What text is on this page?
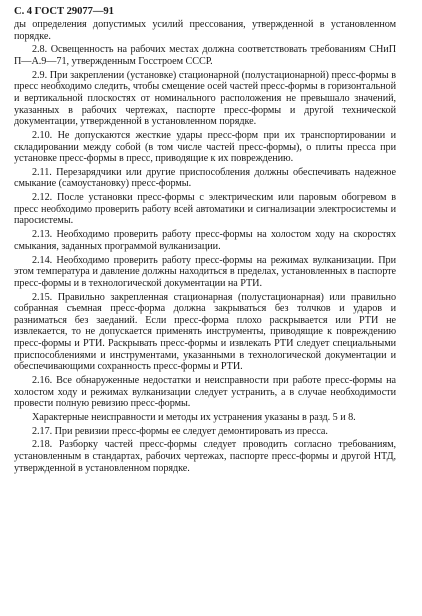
С. 4 ГОСТ 29077—91

ды определения допустимых усилий прессования, утвержденной в установленном порядке.

2.8. Освещенность на рабочих местах должна соответствовать требованиям СНиП П—А.9—71, утвержденным Госстроем СССР.

2.9. При закреплении (установке) стационарной (полустационарной) пресс-формы в пресс необходимо следить, чтобы смещение осей частей пресс-формы в горизонтальной и вертикальной плоскостях от номинального расположения не превышало значений, указанных в рабочих чертежах, паспорте пресс-формы и другой технической документации, утвержденной в установленном порядке.

2.10. Не допускаются жесткие удары пресс-форм при их транспортировании и складировании между собой (в том числе частей пресс-формы), о плиты пресса при установке пресс-формы в пресс, приводящие к их повреждению.

2.11. Перезарядчики или другие приспособления должны обеспечивать надежное смыкание (самоустановку) пресс-формы.

2.12. После установки пресс-формы с электрическим или паровым обогревом в пресс необходимо проверить работу всей автоматики и сигнализации электросистемы и паросистемы.

2.13. Необходимо проверить работу пресс-формы на холостом ходу на скоростях смыкания, заданных программой вулканизации.

2.14. Необходимо проверить работу пресс-формы на режимах вулканизации. При этом температура и давление должны находиться в пределах, установленных в паспорте пресс-формы и в технологической документации на РТИ.

2.15. Правильно закрепленная стационарная (полустационарная) или правильно собранная съемная пресс-форма должна закрываться без толчков и ударов и разниматься без заеданий. Если пресс-форма плохо раскрывается или РТИ не извлекается, то не допускается применять инструменты, приводящие к повреждению пресс-формы и РТИ. Раскрывать пресс-формы и извлекать РТИ следует специальными приспособлениями и инструментами, указанными в технологической документации и обеспечивающими сохранность пресс-формы и РТИ.

2.16. Все обнаруженные недостатки и неисправности при работе пресс-формы на холостом ходу и режимах вулканизации следует устранить, а в случае необходимости провести полную ревизию пресс-формы.

Характерные неисправности и методы их устранения указаны в разд. 5 и 8.

2.17. При ревизии пресс-формы ее следует демонтировать из пресса.

2.18. Разборку частей пресс-формы следует проводить согласно требованиям, установленным в стандартах, рабочих чертежах, паспорте пресс-формы и другой НТД, утвержденной в установленном порядке.
